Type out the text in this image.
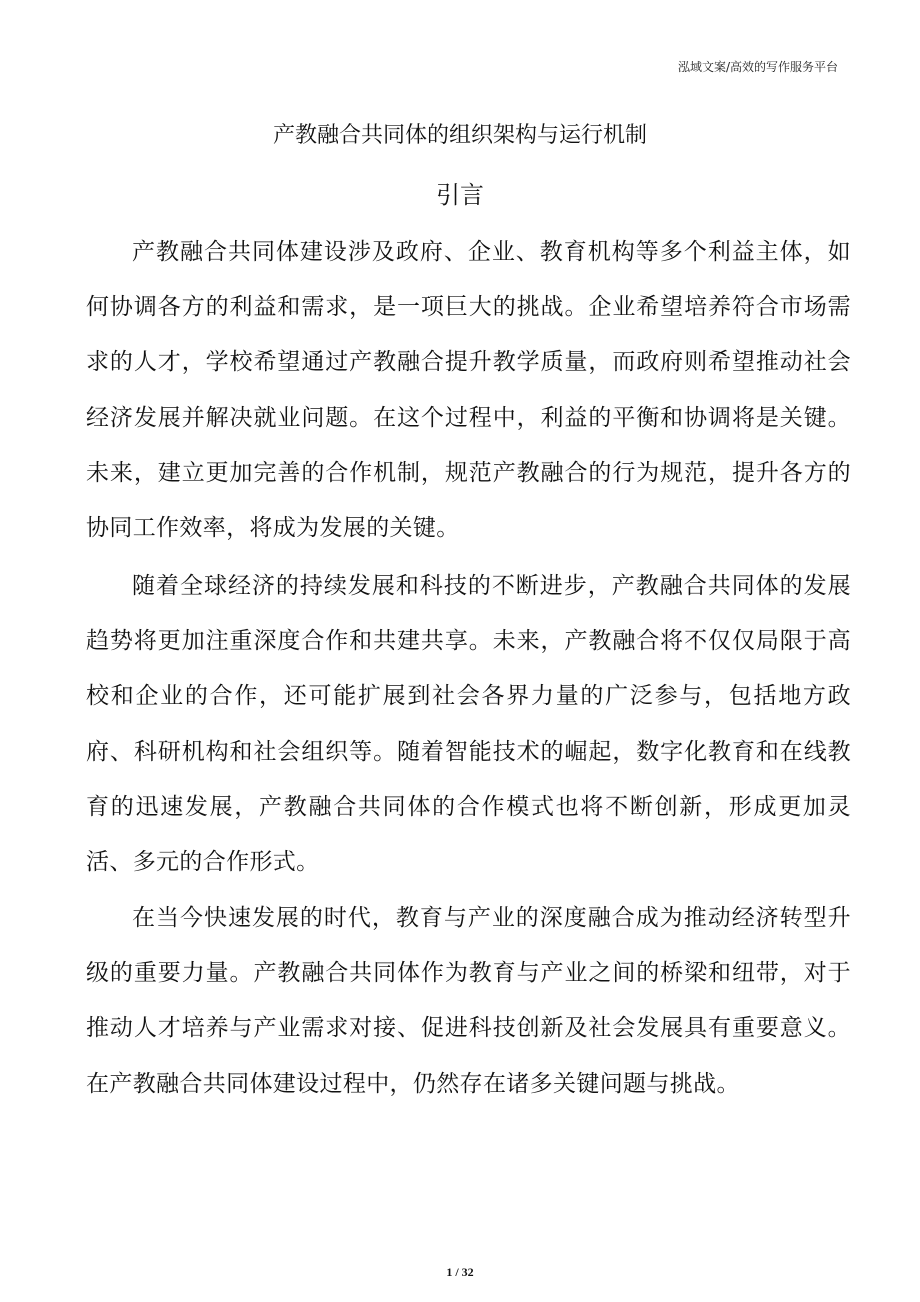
泓域文案/高效的写作服务平台
产教融合共同体的组织架构与运行机制
引言

产教融合共同体建设涉及政府、企业、教育机构等多个利益主体，如何协调各方的利益和需求，是一项巨大的挑战。企业希望培养符合市场需求的人才，学校希望通过产教融合提升教学质量，而政府则希望推动社会经济发展并解决就业问题。在这个过程中，利益的平衡和协调将是关键。未来，建立更加完善的合作机制，规范产教融合的行为规范，提升各方的协同工作效率，将成为发展的关键。

随着全球经济的持续发展和科技的不断进步，产教融合共同体的发展趋势将更加注重深度合作和共建共享。未来，产教融合将不仅仅局限于高校和企业的合作，还可能扩展到社会各界力量的广泛参与，包括地方政府、科研机构和社会组织等。随着智能技术的崛起，数字化教育和在线教育的迅速发展，产教融合共同体的合作模式也将不断创新，形成更加灵活、多元的合作形式。

在当今快速发展的时代，教育与产业的深度融合成为推动经济转型升级的重要力量。产教融合共同体作为教育与产业之间的桥梁和纽带，对于推动人才培养与产业需求对接、促进科技创新及社会发展具有重要意义。在产教融合共同体建设过程中，仍然存在诸多关键问题与挑战。

1 / 32
